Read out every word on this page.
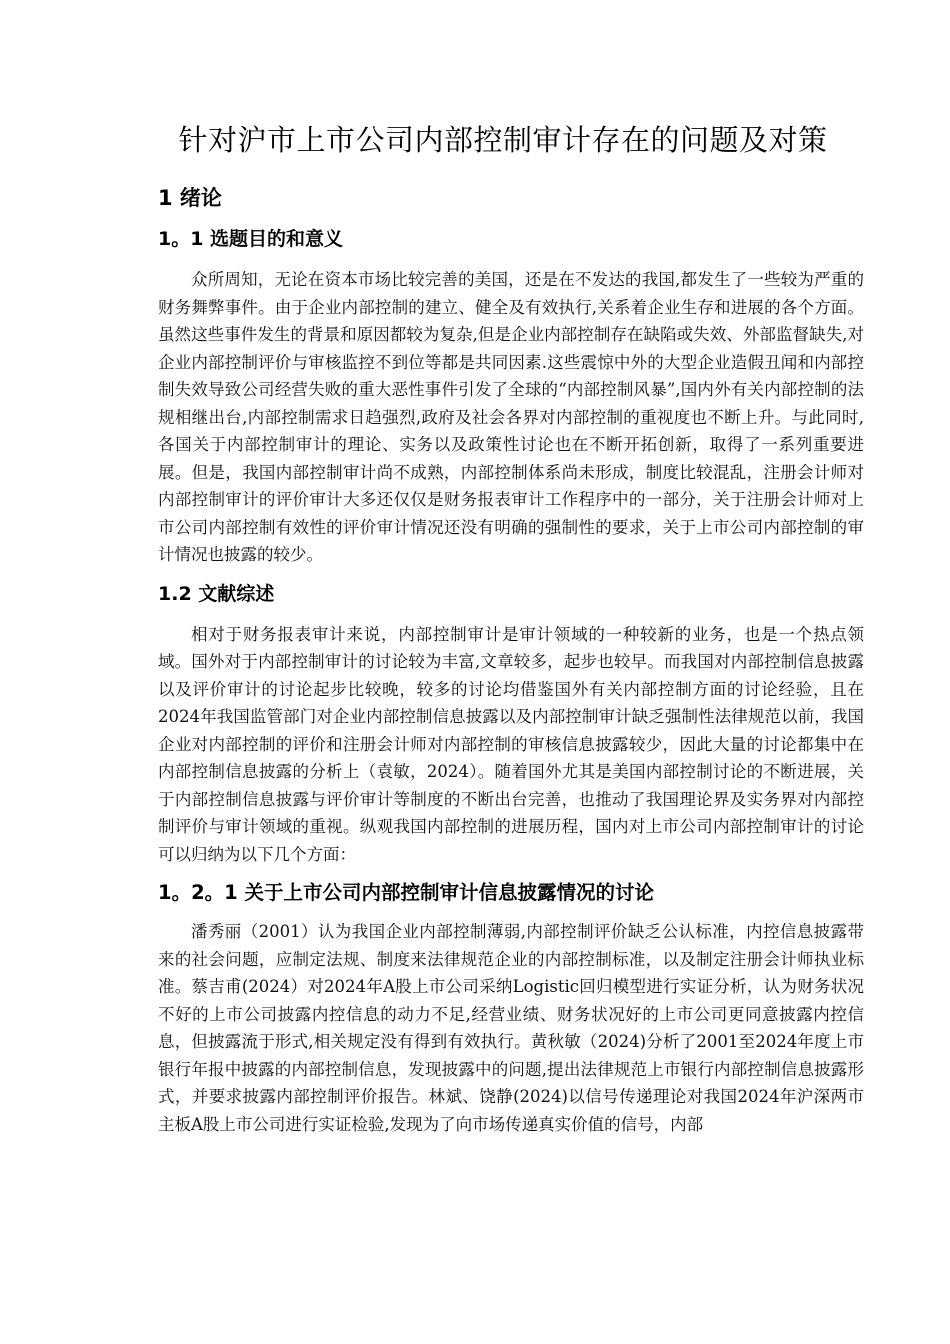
针对沪市上市公司内部控制审计存在的问题及对策
1 绪论
1。1 选题目的和意义

众所周知，无论在资本市场比较完善的美国，还是在不发达的我国,都发生了一些较为严重的财务舞弊事件。由于企业内部控制的建立、健全及有效执行,关系着企业生存和进展的各个方面。虽然这些事件发生的背景和原因都较为复杂,但是企业内部控制存在缺陷或失效、外部监督缺失,对企业内部控制评价与审核监控不到位等都是共同因素.这些震惊中外的大型企业造假丑闻和内部控制失效导致公司经营失败的重大恶性事件引发了全球的“内部控制风暴”,国内外有关内部控制的法规相继出台,内部控制需求日趋强烈,政府及社会各界对内部控制的重视度也不断上升。与此同时,各国关于内部控制审计的理论、实务以及政策性讨论也在不断开拓创新，取得了一系列重要进展。但是，我国内部控制审计尚不成熟，内部控制体系尚未形成，制度比较混乱，注册会计师对内部控制审计的评价审计大多还仅仅是财务报表审计工作程序中的一部分，关于注册会计师对上市公司内部控制有效性的评价审计情况还没有明确的强制性的要求，关于上市公司内部控制的审计情况也披露的较少。

1.2 文献综述

相对于财务报表审计来说，内部控制审计是审计领域的一种较新的业务，也是一个热点领域。国外对于内部控制审计的讨论较为丰富,文章较多，起步也较早。而我国对内部控制信息披露以及评价审计的讨论起步比较晚，较多的讨论均借鉴国外有关内部控制方面的讨论经验，且在2024年我国监管部门对企业内部控制信息披露以及内部控制审计缺乏强制性法律规范以前，我国企业对内部控制的评价和注册会计师对内部控制的审核信息披露较少，因此大量的讨论都集中在内部控制信息披露的分析上（袁敏，2024）。随着国外尤其是美国内部控制讨论的不断进展，关于内部控制信息披露与评价审计等制度的不断出台完善，也推动了我国理论界及实务界对内部控制评价与审计领域的重视。纵观我国内部控制的进展历程，国内对上市公司内部控制审计的讨论可以归纳为以下几个方面：

1。2。1 关于上市公司内部控制审计信息披露情况的讨论

潘秀丽（2001）认为我国企业内部控制薄弱,内部控制评价缺乏公认标准，内控信息披露带来的社会问题，应制定法规、制度来法律规范企业的内部控制标准，以及制定注册会计师执业标准。蔡吉甫(2024）对2024年A股上市公司采纳Logistic回归模型进行实证分析，认为财务状况不好的上市公司披露内控信息的动力不足,经营业绩、财务状况好的上市公司更同意披露内控信息，但披露流于形式,相关规定没有得到有效执行。黄秋敏（2024)分析了2001至2024年度上市银行年报中披露的内部控制信息，发现披露中的问题,提出法律规范上市银行内部控制信息披露形式，并要求披露内部控制评价报告。林斌、饶静(2024)以信号传递理论对我国2024年沪深两市主板A股上市公司进行实证检验,发现为了向市场传递真实价值的信号，内部
